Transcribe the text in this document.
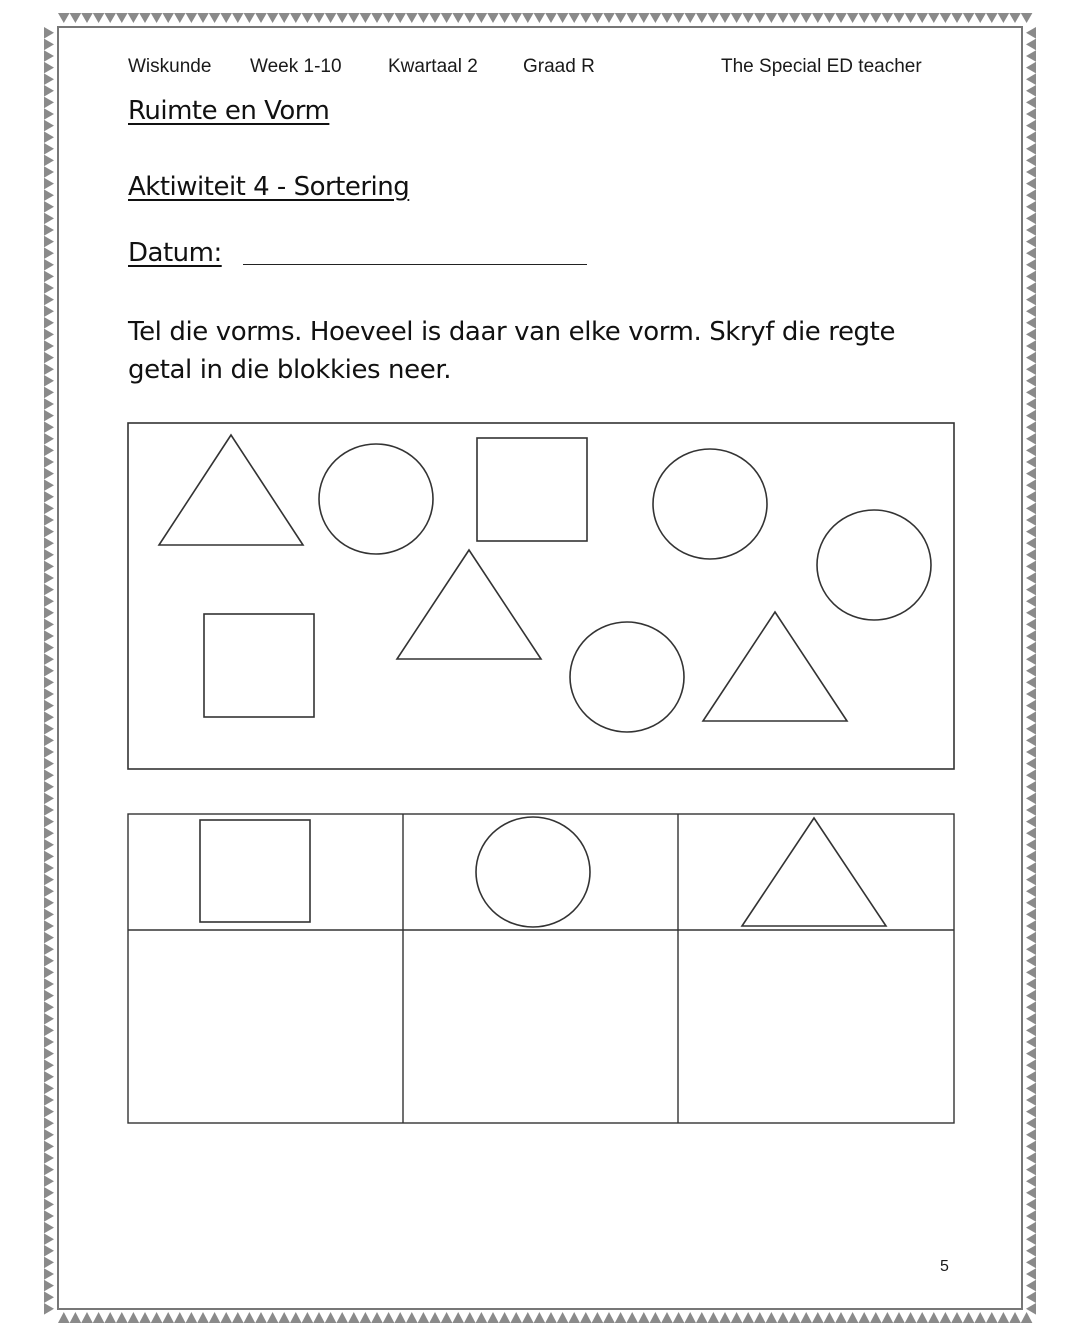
Wiskunde Week 1-10 Kwartaal 2 Graad R	The Special ED teacher
Ruimte en Vorm
Aktiwiteit 4 - Sortering
Datum:
Tel die vorms. Hoeveel is daar van elke vorm. Skryf die regte getal in die blokkies neer.
5
